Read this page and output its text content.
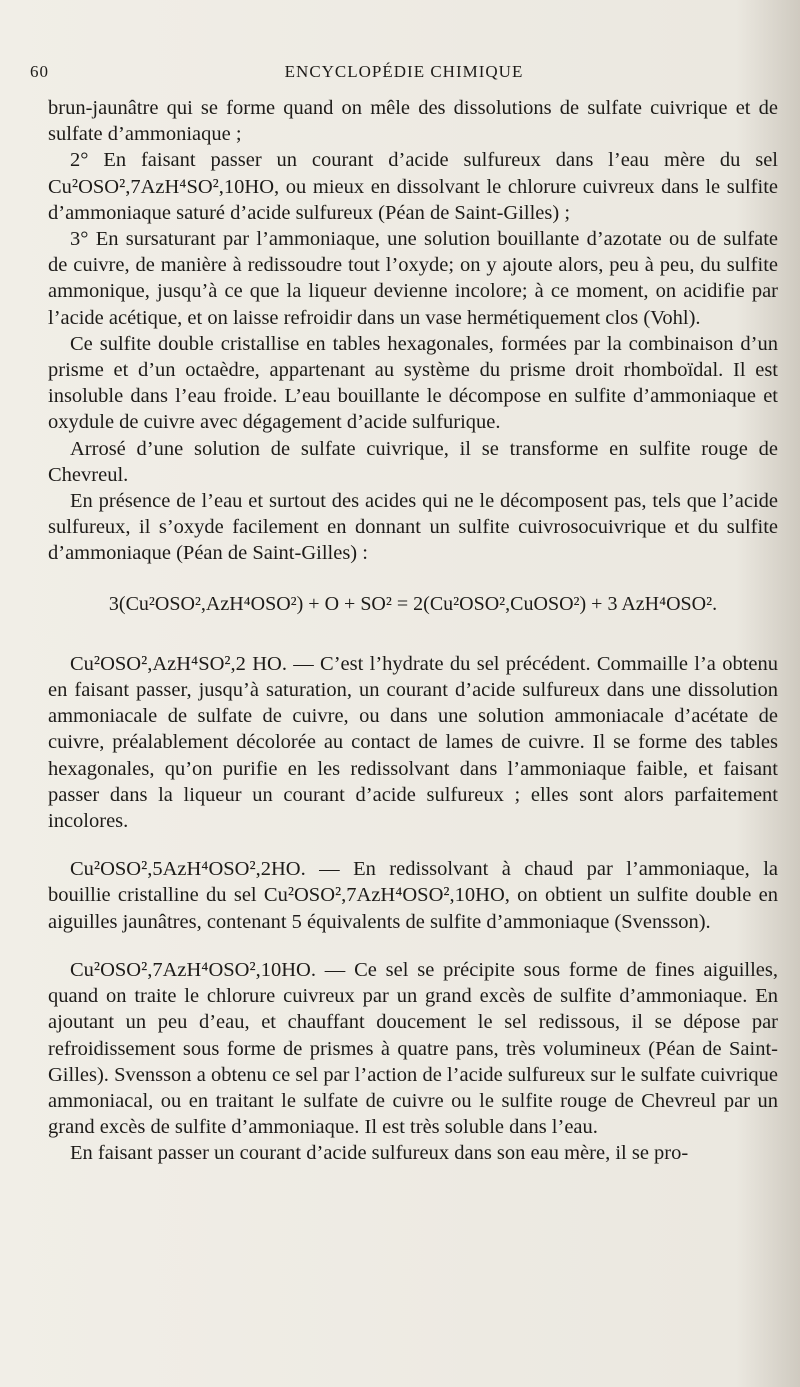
60	ENCYCLOPÉDIE CHIMIQUE

brun-jaunâtre qui se forme quand on mêle des dissolutions de sulfate cuivrique et de sulfate d’ammoniaque ;

2° En faisant passer un courant d’acide sulfureux dans l’eau mère du sel Cu²OSO²,7AzH⁴SO²,10HO, ou mieux en dissolvant le chlorure cuivreux dans le sulfite d’ammoniaque saturé d’acide sulfureux (Péan de Saint-Gilles) ;

3° En sursaturant par l’ammoniaque, une solution bouillante d’azotate ou de sulfate de cuivre, de manière à redissoudre tout l’oxyde; on y ajoute alors, peu à peu, du sulfite ammonique, jusqu’à ce que la liqueur devienne incolore; à ce moment, on acidifie par l’acide acétique, et on laisse refroidir dans un vase hermétiquement clos (Vohl).

Ce sulfite double cristallise en tables hexagonales, formées par la combinaison d’un prisme et d’un octaèdre, appartenant au système du prisme droit rhomboïdal. Il est insoluble dans l’eau froide. L’eau bouillante le décompose en sulfite d’ammoniaque et oxydule de cuivre avec dégagement d’acide sulfurique.

Arrosé d’une solution de sulfate cuivrique, il se transforme en sulfite rouge de Chevreul.

En présence de l’eau et surtout des acides qui ne le décomposent pas, tels que l’acide sulfureux, il s’oxyde facilement en donnant un sulfite cuivrosocuivrique et du sulfite d’ammoniaque (Péan de Saint-Gilles) :

3(Cu²OSO²,AzH⁴OSO²) + O + SO² = 2(Cu²OSO²,CuOSO²) + 3 AzH⁴OSO².

Cu²OSO²,AzH⁴SO²,2 HO. — C’est l’hydrate du sel précédent. Commaille l’a obtenu en faisant passer, jusqu’à saturation, un courant d’acide sulfureux dans une dissolution ammoniacale de sulfate de cuivre, ou dans une solution ammoniacale d’acétate de cuivre, préalablement décolorée au contact de lames de cuivre. Il se forme des tables hexagonales, qu’on purifie en les redissolvant dans l’ammoniaque faible, et faisant passer dans la liqueur un courant d’acide sulfureux ; elles sont alors parfaitement incolores.

Cu²OSO²,5AzH⁴OSO²,2HO. — En redissolvant à chaud par l’ammoniaque, la bouillie cristalline du sel Cu²OSO²,7AzH⁴OSO²,10HO, on obtient un sulfite double en aiguilles jaunâtres, contenant 5 équivalents de sulfite d’ammoniaque (Svensson).

Cu²OSO²,7AzH⁴OSO²,10HO. — Ce sel se précipite sous forme de fines aiguilles, quand on traite le chlorure cuivreux par un grand excès de sulfite d’ammoniaque. En ajoutant un peu d’eau, et chauffant doucement le sel redissous, il se dépose par refroidissement sous forme de prismes à quatre pans, très volumineux (Péan de Saint-Gilles). Svensson a obtenu ce sel par l’action de l’acide sulfureux sur le sulfate cuivrique ammoniacal, ou en traitant le sulfate de cuivre ou le sulfite rouge de Chevreul par un grand excès de sulfite d’ammoniaque. Il est très soluble dans l’eau.

En faisant passer un courant d’acide sulfureux dans son eau mère, il se pro-
